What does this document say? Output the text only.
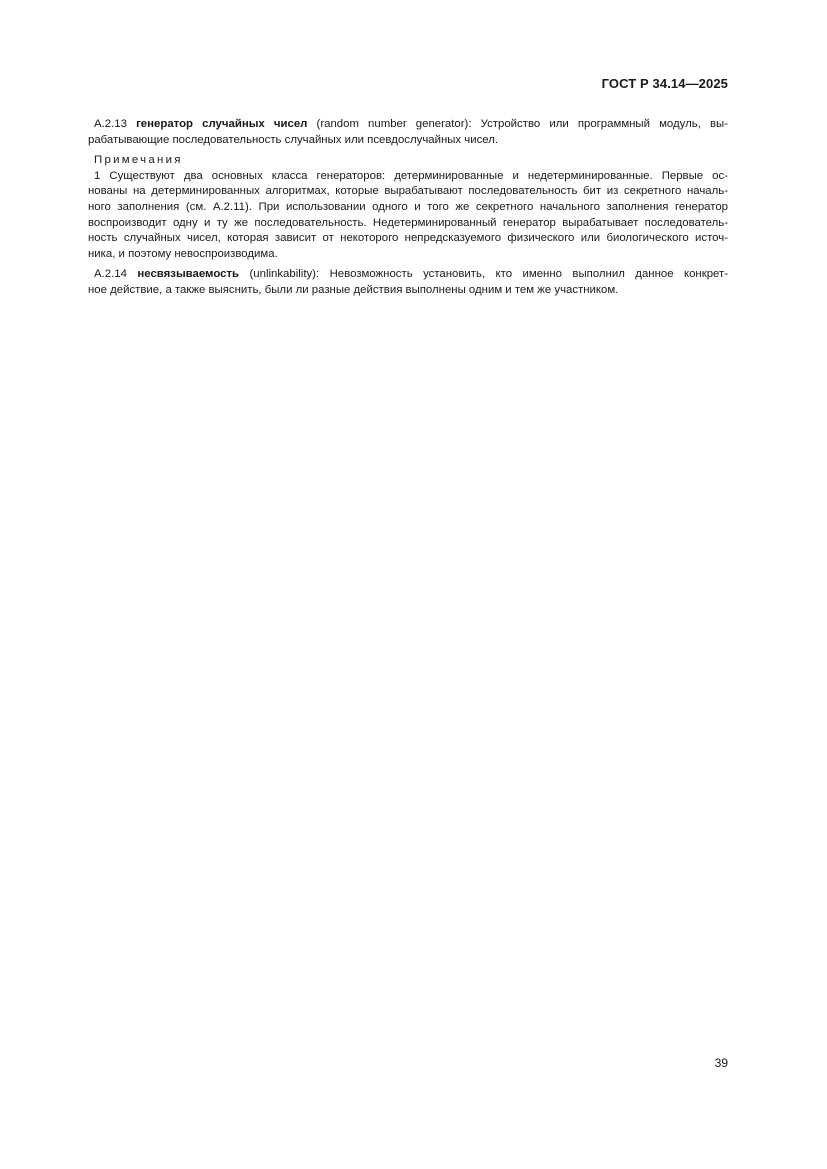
ГОСТ Р 34.14—2025
А.2.13 генератор случайных чисел (random number generator): Устройство или программный модуль, вы-
рабатывающие последовательность случайных или псевдослучайных чисел.
Примечания
1 Существуют два основных класса генераторов: детерминированные и недетерминированные. Первые ос-
нованы на детерминированных алгоритмах, которые вырабатывают последовательность бит из секретного началь-
ного заполнения (см. А.2.11). При использовании одного и того же секретного начального заполнения генератор
воспроизводит одну и ту же последовательность. Недетерминированный генератор вырабатывает последователь-
ность случайных чисел, которая зависит от некоторого непредсказуемого физического или биологического источ-
ника, и поэтому невоспроизводима.
А.2.14 несвязываемость (unlinkability): Невозможность установить, кто именно выполнил данное конкрет-
ное действие, а также выяснить, были ли разные действия выполнены одним и тем же участником.
39
